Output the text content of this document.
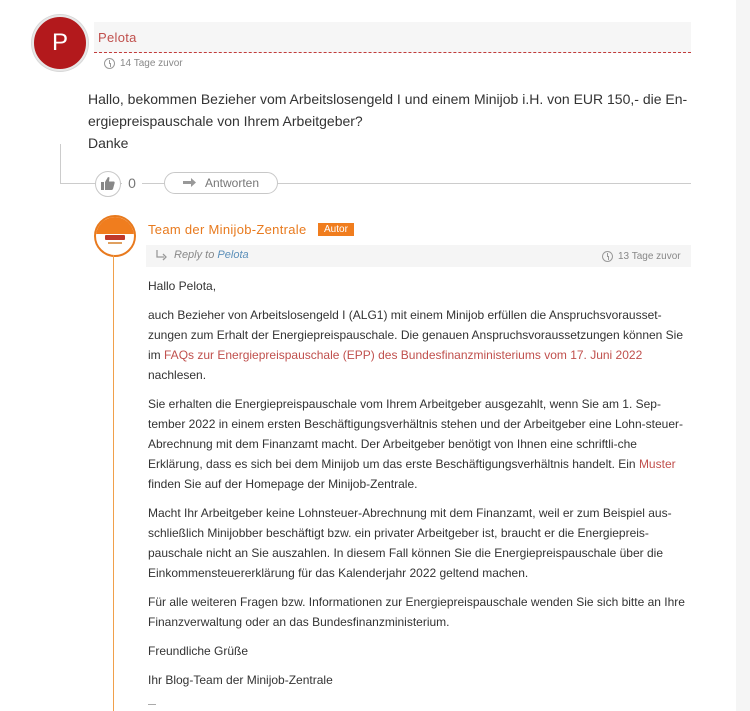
P	Pelota
14 Tage zuvor

Hallo, bekommen Bezieher vom Arbeitslosengeld I und einem Minijob i.H. von EUR 150,- die En-

ergiepreispauschale von Ihrem Arbeitgeber?

Danke

0	Antworten
Team der Minijob-Zentrale	Autor
Reply to Pelota	13 Tage zuvor

Hallo Pelota,

auch Bezieher von Arbeitslosengeld I (ALG1) mit einem Minijob erfüllen die Anspruchsvorausset-zungen zum Erhalt der Energiepreispauschale. Die genauen Anspruchsvoraussetzungen können Sie im FAQs zur Energiepreispauschale (EPP) des Bundesfinanzministeriums vom 17. Juni 2022 nachlesen.

Sie erhalten die Energiepreispauschale vom Ihrem Arbeitgeber ausgezahlt, wenn Sie am 1. Sep-tember 2022 in einem ersten Beschäftigungsverhältnis stehen und der Arbeitgeber eine Lohn-steuer-Abrechnung mit dem Finanzamt macht. Der Arbeitgeber benötigt von Ihnen eine schriftli-che Erklärung, dass es sich bei dem Minijob um das erste Beschäftigungsverhältnis handelt. Ein Muster finden Sie auf der Homepage der Minijob-Zentrale.

Macht Ihr Arbeitgeber keine Lohnsteuer-Abrechnung mit dem Finanzamt, weil er zum Beispiel aus-schließlich Minijobber beschäftigt bzw. ein privater Arbeitgeber ist, braucht er die Energiepreis-pauschale nicht an Sie auszahlen. In diesem Fall können Sie die Energiepreispauschale über die Einkommensteuererklärung für das Kalenderjahr 2022 geltend machen.

Für alle weiteren Fragen bzw. Informationen zur Energiepreispauschale wenden Sie sich bitte an Ihre Finanzverwaltung oder an das Bundesfinanzministerium.

Freundliche Grüße

Ihr Blog-Team der Minijob-Zentrale
